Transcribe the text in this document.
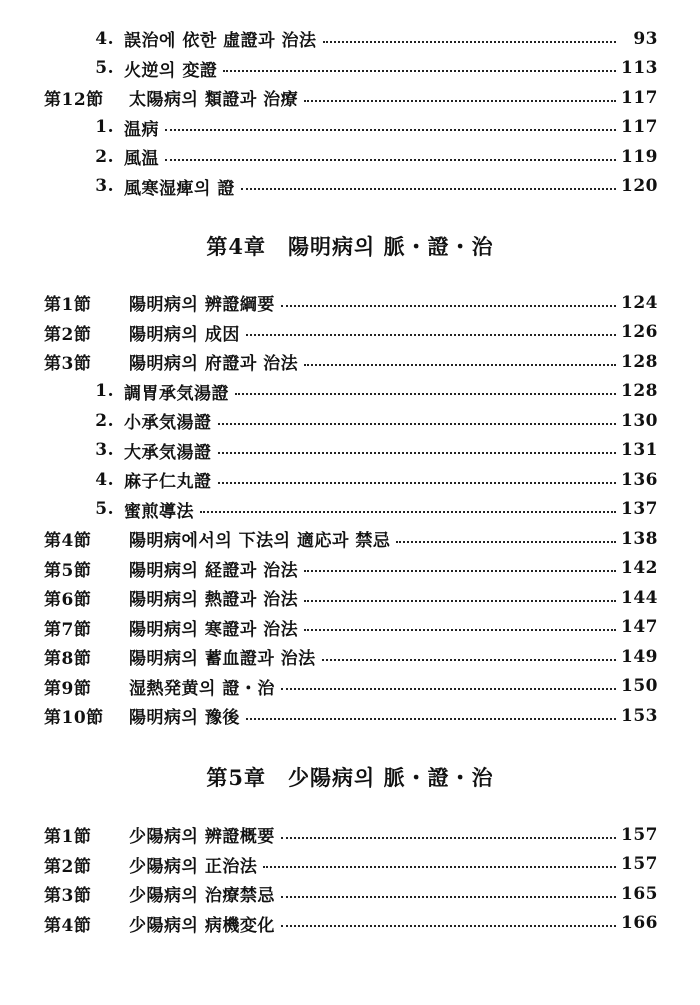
4. 誤治에 依한 虛證과 治法	93
5. 火逆의 変證	113
第12節	太陽病의 類證과 治療	117
1. 温病	117
2. 風温	119
3. 風寒湿痺의 證	120
第4章 陽明病의 脈・證・治
第1節	陽明病의 辨證綱要	124
第2節	陽明病의 成因	126
第3節	陽明病의 府證과 治法	128
1. 調胃承気湯證	128
2. 小承気湯證	130
3. 大承気湯證	131
4. 麻子仁丸證	136
5. 蜜煎導法	137
第4節	陽明病에서의 下法의 適応과 禁忌	138
第5節	陽明病의 経證과 治法	142
第6節	陽明病의 熱證과 治法	144
第7節	陽明病의 寒證과 治法	147
第8節	陽明病의 蓄血證과 治法	149
第9節	湿熱発黄의 證・治	150
第10節	陽明病의 豫後	153
第5章 少陽病의 脈・證・治
第1節	少陽病의 辨證概要	157
第2節	少陽病의 正治法	157
第3節	少陽病의 治療禁忌	165
第4節	少陽病의 病機変化	166
